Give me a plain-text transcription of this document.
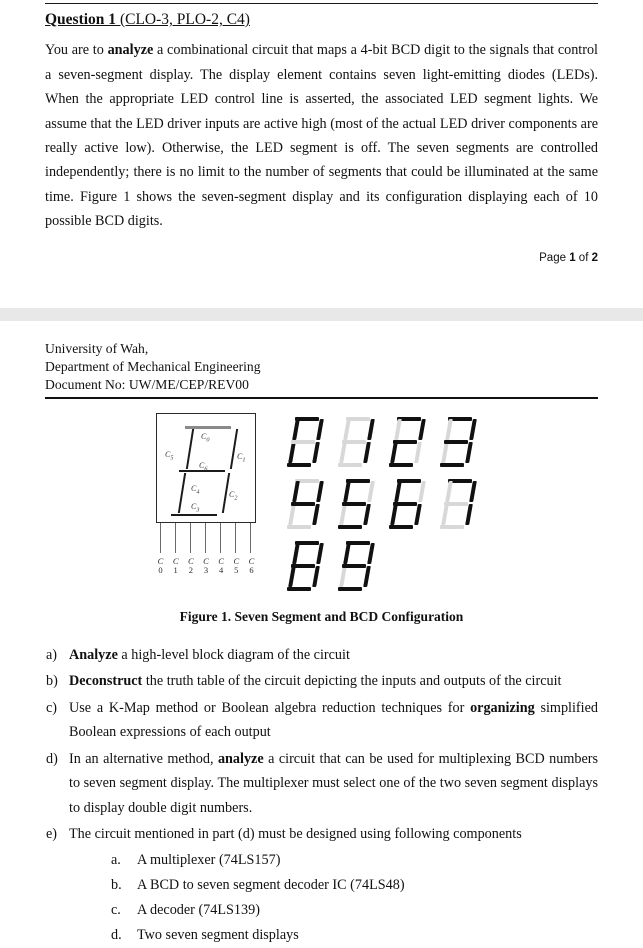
Question 1 (CLO-3, PLO-2, C4)

You are to analyze a combinational circuit that maps a 4-bit BCD digit to the signals that control a seven-segment display. The display element contains seven light-emitting diodes (LEDs). When the appropriate LED control line is asserted, the associated LED segment lights. We assume that the LED driver inputs are active high (most of the actual LED driver components are really active low). Otherwise, the LED segment is off. The seven segments are controlled independently; there is no limit to the number of segments that could be illuminated at the same time. Figure 1 shows the seven-segment display and its configuration displaying each of 10 possible BCD digits.

Page 1 of 2
University of Wah,
Department of Mechanical Engineering
Document No: UW/ME/CEP/REV00
$C_0$
$C_1$
$C_2$
$C_3$
$C_4$
$C_5$
$C_6$
C
0
C
1
C
2
C
3
C
4
C
5
C
6
Figure 1. Seven Segment and BCD Configuration
a) Analyze a high-level block diagram of the circuit
b) Deconstruct the truth table of the circuit depicting the inputs and outputs of the circuit
c) Use a K-Map method or Boolean algebra reduction techniques for organizing simplified Boolean expressions of each output
d) In an alternative method, analyze a circuit that can be used for multiplexing BCD numbers to seven segment display. The multiplexer must select one of the two seven segment displays to display double digit numbers.
e) The circuit mentioned in part (d) must be designed using following components
a.	A multiplexer (74LS157)
b.	A BCD to seven segment decoder IC (74LS48)
c.	A decoder (74LS139)
d.	Two seven segment displays
